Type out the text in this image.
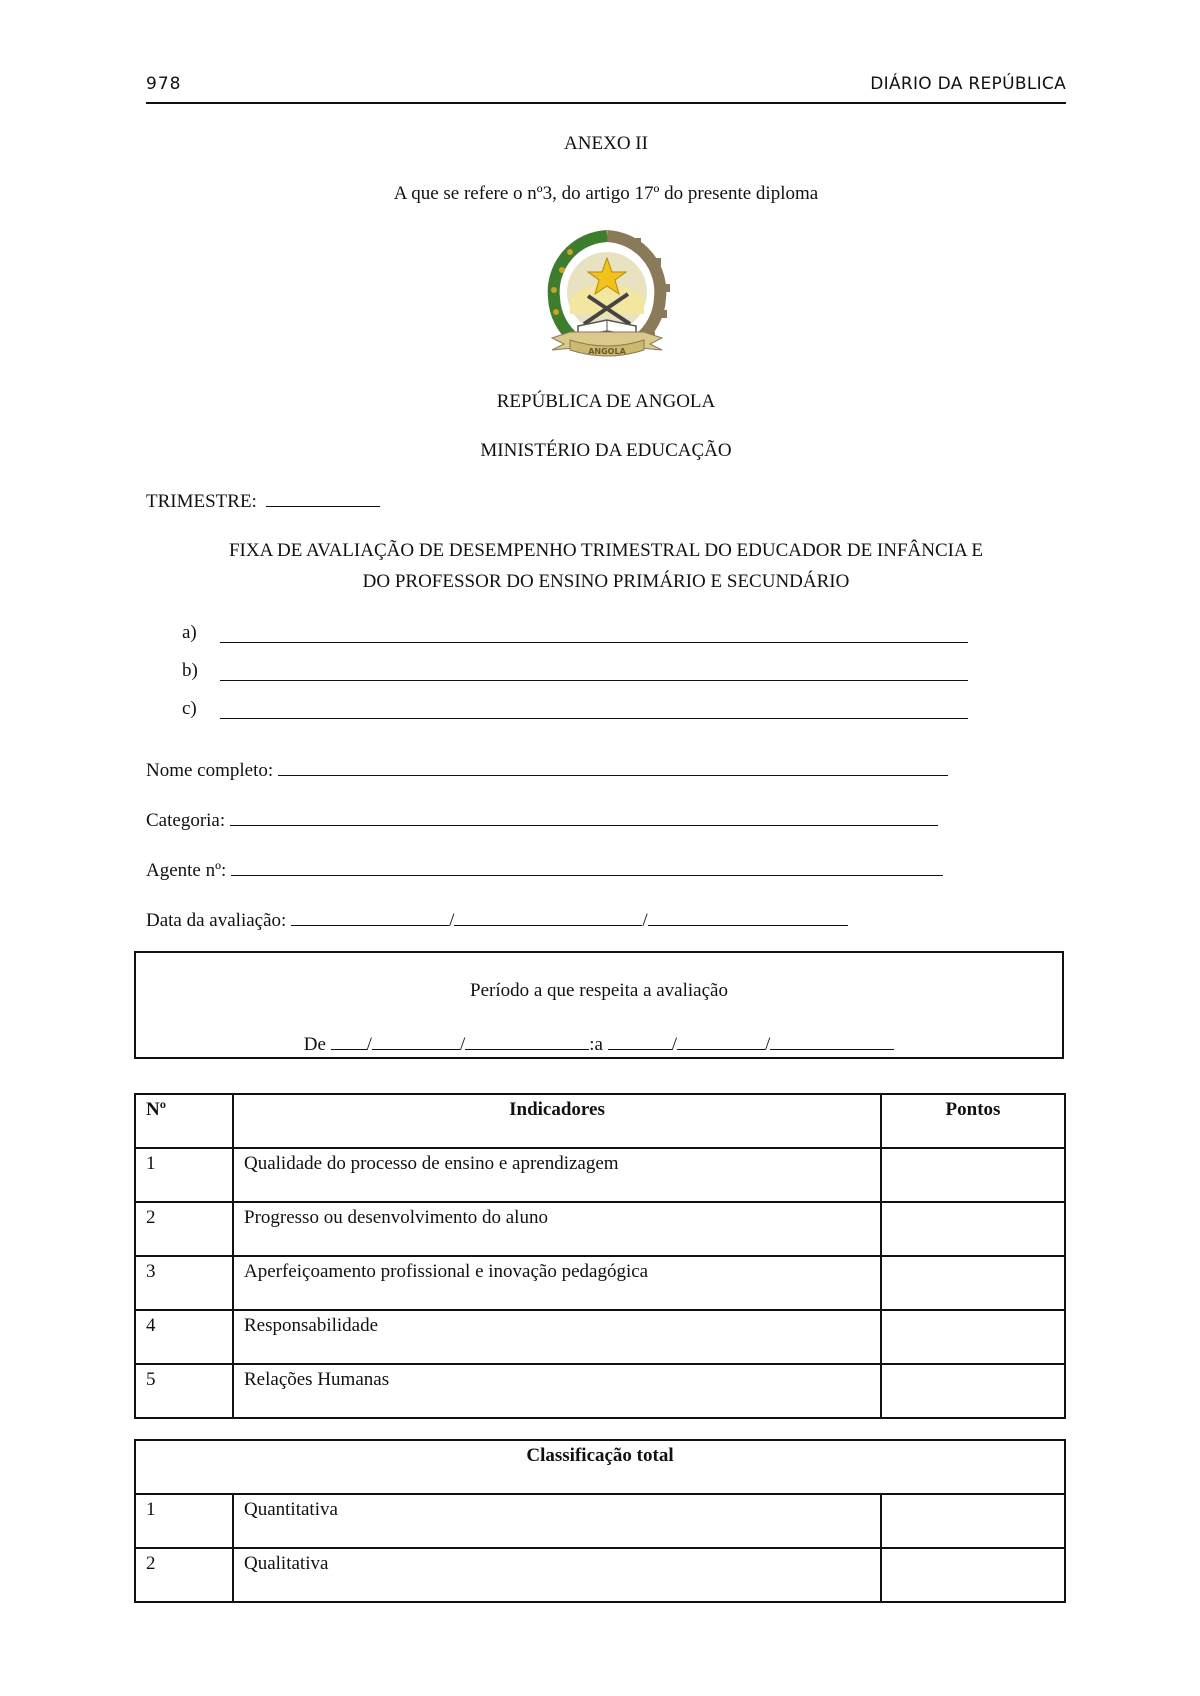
978	DIÁRIO DA REPÚBLICA
ANEXO II
A que se refere o nº3, do artigo 17º do presente diploma
ANGOLA
REPÚBLICA DE ANGOLA
MINISTÉRIO DA EDUCAÇÃO
TRIMESTRE:
FIXA DE AVALIAÇÃO DE DESEMPENHO TRIMESTRAL DO EDUCADOR DE INFÂNCIA E
DO PROFESSOR DO ENSINO PRIMÁRIO E SECUNDÁRIO
a)
b)
c)
Nome completo:
Categoria:
Agente nº:
Data da avaliação:	/	/
Período a que respeita a avaliação
De /	/	:a	/	/
Nº	Indicadores	Pontos
1	Qualidade do processo de ensino e aprendizagem	
2	Progresso ou desenvolvimento do aluno	
3	Aperfeiçoamento profissional e inovação pedagógica	
4	Responsabilidade	
5	Relações Humanas	
Classificação total		
1	Quantitativa	
2	Qualitativa	
